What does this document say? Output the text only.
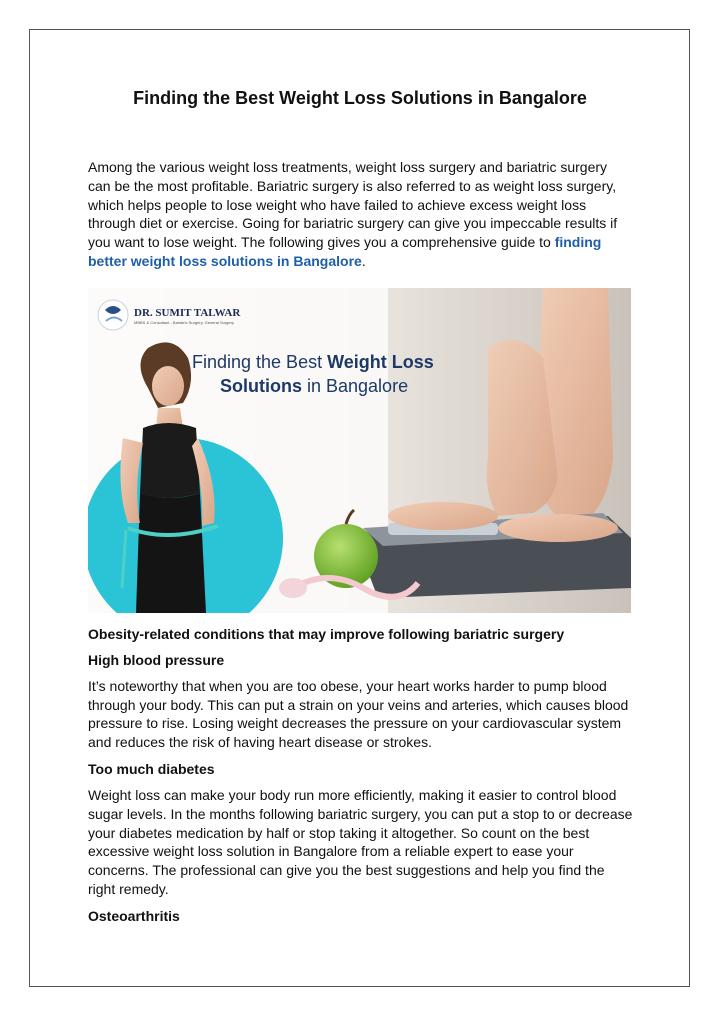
Finding the Best Weight Loss Solutions in Bangalore

Among the various weight loss treatments, weight loss surgery and bariatric surgery can be the most profitable. Bariatric surgery is also referred to as weight loss surgery, which helps people to lose weight who have failed to achieve excess weight loss through diet or exercise. Going for bariatric surgery can give you impeccable results if you want to lose weight. The following gives you a comprehensive guide to finding better weight loss solutions in Bangalore.

DR. SUMIT TALWAR
MBBS & Consultant - Bariatric Surgery, General Surgery
Finding the Best Weight Loss
Solutions in Bangalore

Obesity-related conditions that may improve following bariatric surgery

High blood pressure

It’s noteworthy that when you are too obese, your heart works harder to pump blood through your body. This can put a strain on your veins and arteries, which causes blood pressure to rise. Losing weight decreases the pressure on your cardiovascular system and reduces the risk of having heart disease or strokes.

Too much diabetes

Weight loss can make your body run more efficiently, making it easier to control blood sugar levels. In the months following bariatric surgery, you can put a stop to or decrease your diabetes medication by half or stop taking it altogether. So count on the best excessive weight loss solution in Bangalore from a reliable expert to ease your concerns. The professional can give you the best suggestions and help you find the right remedy.

Osteoarthritis
